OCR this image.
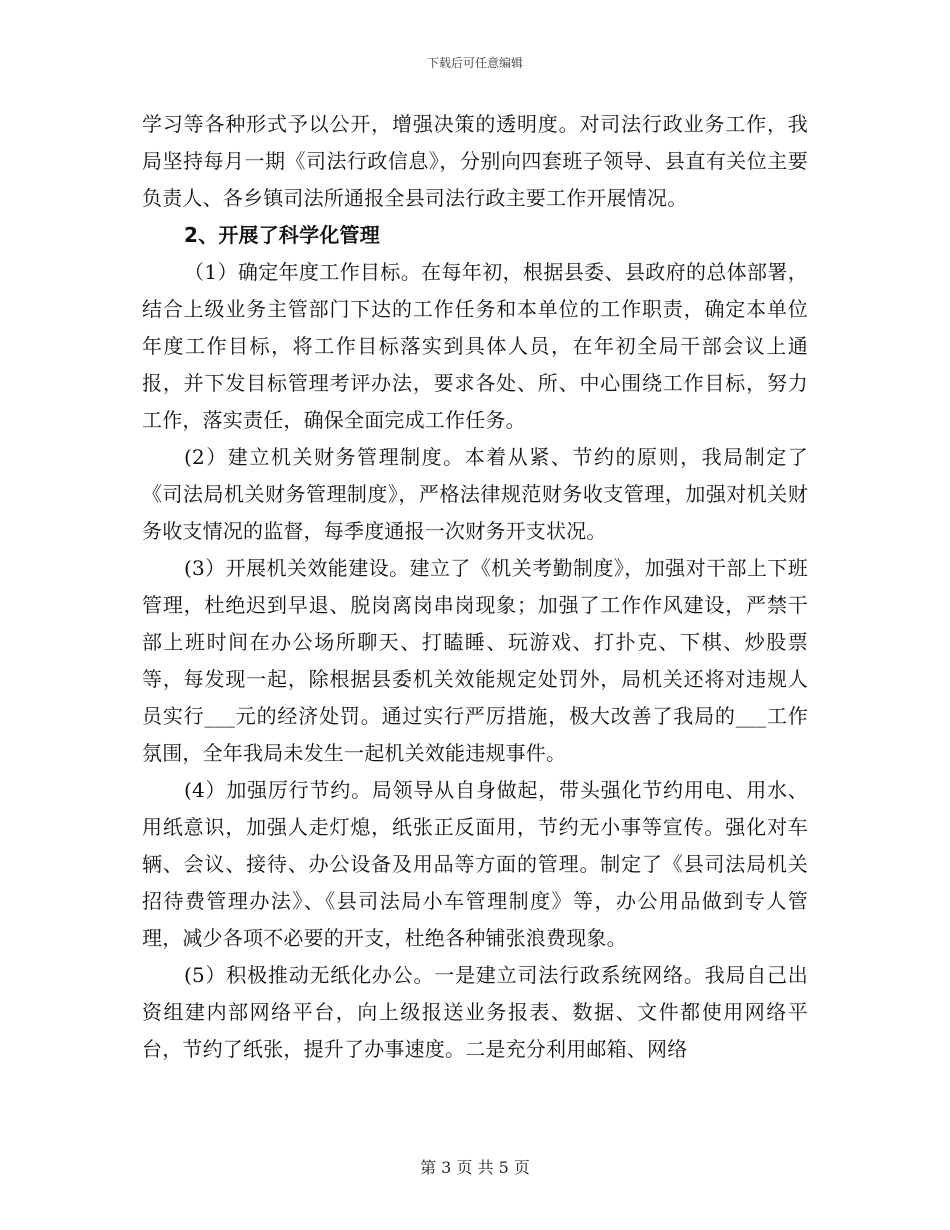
下载后可任意编辑

学习等各种形式予以公开，增强决策的透明度。对司法行政业务工作，我局坚持每月一期《司法行政信息》，分别向四套班子领导、县直有关位主要负责人、各乡镇司法所通报全县司法行政主要工作开展情况。

2、开展了科学化管理

（1）确定年度工作目标。在每年初，根据县委、县政府的总体部署，结合上级业务主管部门下达的工作任务和本单位的工作职责，确定本单位年度工作目标，将工作目标落实到具体人员，在年初全局干部会议上通报，并下发目标管理考评办法，要求各处、所、中心围绕工作目标，努力工作，落实责任，确保全面完成工作任务。

(2）建立机关财务管理制度。本着从紧、节约的原则，我局制定了《司法局机关财务管理制度》，严格法律规范财务收支管理，加强对机关财务收支情况的监督，每季度通报一次财务开支状况。

(3）开展机关效能建设。建立了《机关考勤制度》，加强对干部上下班管理，杜绝迟到早退、脱岗离岗串岗现象；加强了工作作风建设，严禁干部上班时间在办公场所聊天、打瞌睡、玩游戏、打扑克、下棋、炒股票等，每发现一起，除根据县委机关效能规定处罚外，局机关还将对违规人员实行___元的经济处罚。通过实行严厉措施，极大改善了我局的___工作氛围，全年我局未发生一起机关效能违规事件。

(4）加强厉行节约。局领导从自身做起，带头强化节约用电、用水、用纸意识，加强人走灯熄，纸张正反面用，节约无小事等宣传。强化对车辆、会议、接待、办公设备及用品等方面的管理。制定了《县司法局机关招待费管理办法》、《县司法局小车管理制度》等，办公用品做到专人管理，减少各项不必要的开支，杜绝各种铺张浪费现象。

(5）积极推动无纸化办公。一是建立司法行政系统网络。我局自己出资组建内部网络平台，向上级报送业务报表、数据、文件都使用网络平台，节约了纸张，提升了办事速度。二是充分利用邮箱、网络

第 3 页 共 5 页
